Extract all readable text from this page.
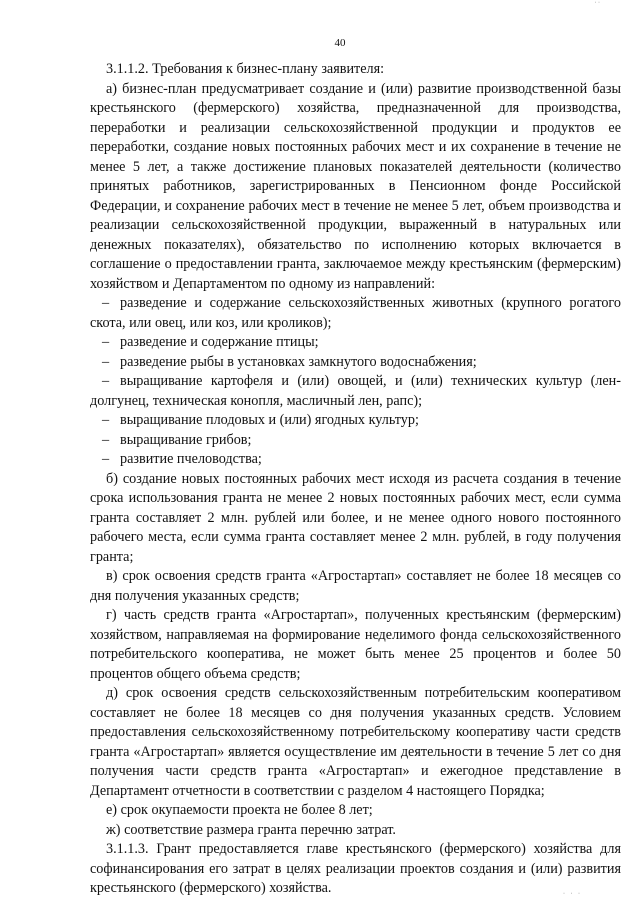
40

3.1.1.2. Требования к бизнес-плану заявителя:

а) бизнес-план предусматривает создание и (или) развитие производственной базы крестьянского (фермерского) хозяйства, предназначенной для производства, переработки и реализации сельскохозяйственной продукции и продуктов ее переработки, создание новых постоянных рабочих мест и их сохранение в течение не менее 5 лет, а также достижение плановых показателей деятельности (количество принятых работников, зарегистрированных в Пенсионном фонде Российской Федерации, и сохранение рабочих мест в течение не менее 5 лет, объем производства и реализации сельскохозяйственной продукции, выраженный в натуральных или денежных показателях), обязательство по исполнению которых включается в соглашение о предоставлении гранта, заключаемое между крестьянским (фермерским) хозяйством и Департаментом по одному из направлений:

– разведение и содержание сельскохозяйственных животных (крупного рогатого скота, или овец, или коз, или кроликов);

– разведение и содержание птицы;

– разведение рыбы в установках замкнутого водоснабжения;

– выращивание картофеля и (или) овощей, и (или) технических культур (лен-долгунец, техническая конопля, масличный лен, рапс);

– выращивание плодовых и (или) ягодных культур;

– выращивание грибов;

– развитие пчеловодства;

б) создание новых постоянных рабочих мест исходя из расчета создания в течение срока использования гранта не менее 2 новых постоянных рабочих мест, если сумма гранта составляет 2 млн. рублей или более, и не менее одного нового постоянного рабочего места, если сумма гранта составляет менее 2 млн. рублей, в году получения гранта;

в) срок освоения средств гранта «Агростартап» составляет не более 18 месяцев со дня получения указанных средств;

г) часть средств гранта «Агростартап», полученных крестьянским (фермерским) хозяйством, направляемая на формирование неделимого фонда сельскохозяйственного потребительского кооператива, не может быть менее 25 процентов и более 50 процентов общего объема средств;

д) срок освоения средств сельскохозяйственным потребительским кооперативом составляет не более 18 месяцев со дня получения указанных средств. Условием предоставления сельскохозяйственному потребительскому кооперативу части средств гранта «Агростартап» является осуществление им деятельности в течение 5 лет со дня получения части средств гранта «Агростартап» и ежегодное представление в Департамент отчетности в соответствии с разделом 4 настоящего Порядка;

е) срок окупаемости проекта не более 8 лет;

ж) соответствие размера гранта перечню затрат.

3.1.1.3. Грант предоставляется главе крестьянского (фермерского) хозяйства для софинансирования его затрат в целях реализации проектов создания и (или) развития крестьянского (фермерского) хозяйства.

· ·
· · ·
